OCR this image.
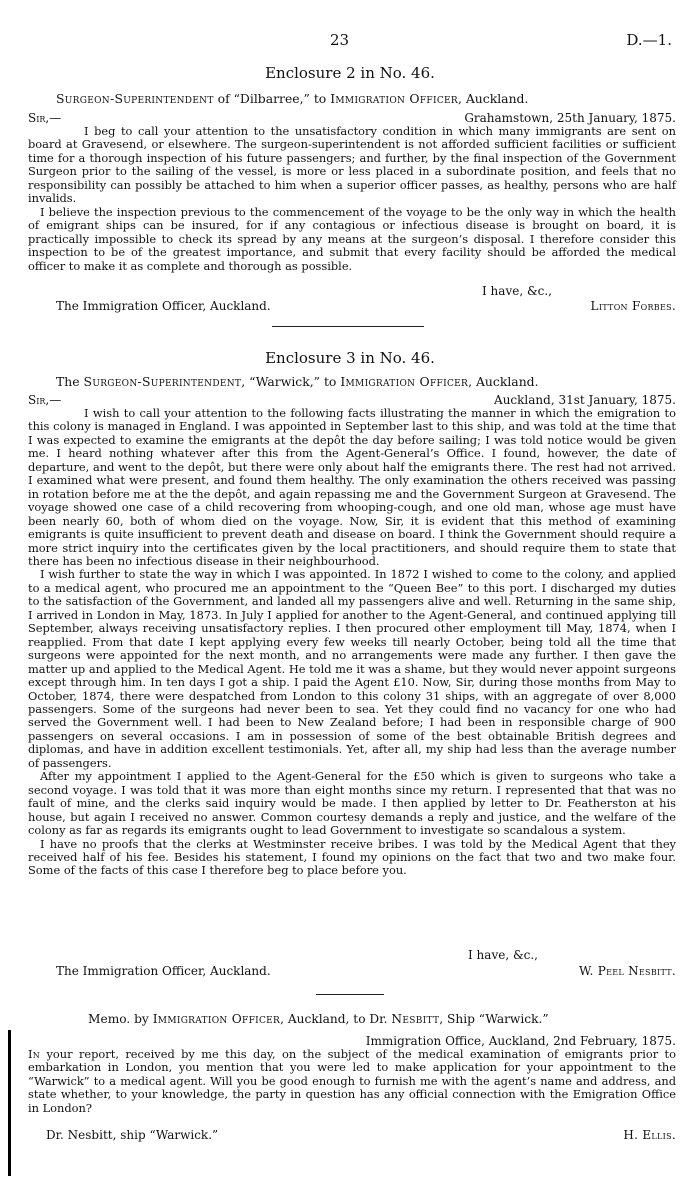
23	D.—1.
Enclosure 2 in No. 46.
Surgeon-Superintendent of “Dilbarree,” to Immigration Officer, Auckland.
Sir,—	Grahamstown, 25th January, 1875.

I beg to call your attention to the unsatisfactory condition in which many immigrants are sent on board at Gravesend, or elsewhere. The surgeon-superintendent is not afforded sufficient facilities or sufficient time for a thorough inspection of his future passengers; and further, by the final inspection of the Government Surgeon prior to the sailing of the vessel, is more or less placed in a subordinate position, and feels that no responsibility can possibly be attached to him when a superior officer passes, as healthy, persons who are half invalids.

I believe the inspection previous to the commencement of the voyage to be the only way in which the health of emigrant ships can be insured, for if any contagious or infectious disease is brought on board, it is practically impossible to check its spread by any means at the surgeon’s disposal. I therefore consider this inspection to be of the greatest importance, and submit that every facility should be afforded the medical officer to make it as complete and thorough as possible.

I have, &c.,
The Immigration Officer, Auckland.	Litton Forbes.
Enclosure 3 in No. 46.
The Surgeon-Superintendent, “Warwick,” to Immigration Officer, Auckland.
Sir,—	Auckland, 31st January, 1875.

I wish to call your attention to the following facts illustrating the manner in which the emigration to this colony is managed in England. I was appointed in September last to this ship, and was told at the time that I was expected to examine the emigrants at the depôt the day before sailing; I was told notice would be given me. I heard nothing whatever after this from the Agent-General’s Office. I found, however, the date of departure, and went to the depôt, but there were only about half the emigrants there. The rest had not arrived. I examined what were present, and found them healthy. The only examination the others received was passing in rotation before me at the the depôt, and again repassing me and the Government Surgeon at Gravesend. The voyage showed one case of a child recovering from whooping-cough, and one old man, whose age must have been nearly 60, both of whom died on the voyage. Now, Sir, it is evident that this method of examining emigrants is quite insufficient to prevent death and disease on board. I think the Government should require a more strict inquiry into the certificates given by the local practitioners, and should require them to state that there has been no infectious disease in their neighbourhood.

I wish further to state the way in which I was appointed. In 1872 I wished to come to the colony, and applied to a medical agent, who procured me an appointment to the “Queen Bee” to this port. I discharged my duties to the satisfaction of the Government, and landed all my passengers alive and well. Returning in the same ship, I arrived in London in May, 1873. In July I applied for another to the Agent-General, and continued applying till September, always receiving unsatisfactory replies. I then procured other employment till May, 1874, when I reapplied. From that date I kept applying every few weeks till nearly October, being told all the time that surgeons were appointed for the next month, and no arrangements were made any further. I then gave the matter up and applied to the Medical Agent. He told me it was a shame, but they would never appoint surgeons except through him. In ten days I got a ship. I paid the Agent £10. Now, Sir, during those months from May to October, 1874, there were despatched from London to this colony 31 ships, with an aggregate of over 8,000 passengers. Some of the surgeons had never been to sea. Yet they could find no vacancy for one who had served the Government well. I had been to New Zealand before; I had been in responsible charge of 900 passengers on several occasions. I am in possession of some of the best obtainable British degrees and diplomas, and have in addition excellent testimonials. Yet, after all, my ship had less than the average number of passengers.

After my appointment I applied to the Agent-General for the £50 which is given to surgeons who take a second voyage. I was told that it was more than eight months since my return. I represented that that was no fault of mine, and the clerks said inquiry would be made. I then applied by letter to Dr. Featherston at his house, but again I received no answer. Common courtesy demands a reply and justice, and the welfare of the colony as far as regards its emigrants ought to lead Government to investigate so scandalous a system.

I have no proofs that the clerks at Westminster receive bribes. I was told by the Medical Agent that they received half of his fee. Besides his statement, I found my opinions on the fact that two and two make four. Some of the facts of this case I therefore beg to place before you.

I have, &c.,
The Immigration Officer, Auckland.	W. Peel Nesbitt.
Memo. by Immigration Officer, Auckland, to Dr. Nesbitt, Ship “Warwick.”
Immigration Office, Auckland, 2nd February, 1875.

In your report, received by me this day, on the subject of the medical examination of emigrants prior to embarkation in London, you mention that you were led to make application for your appointment to the “Warwick” to a medical agent. Will you be good enough to furnish me with the agent’s name and address, and state whether, to your knowledge, the party in question has any official connection with the Emigration Office in London?

Dr. Nesbitt, ship “Warwick.”	H. Ellis.
